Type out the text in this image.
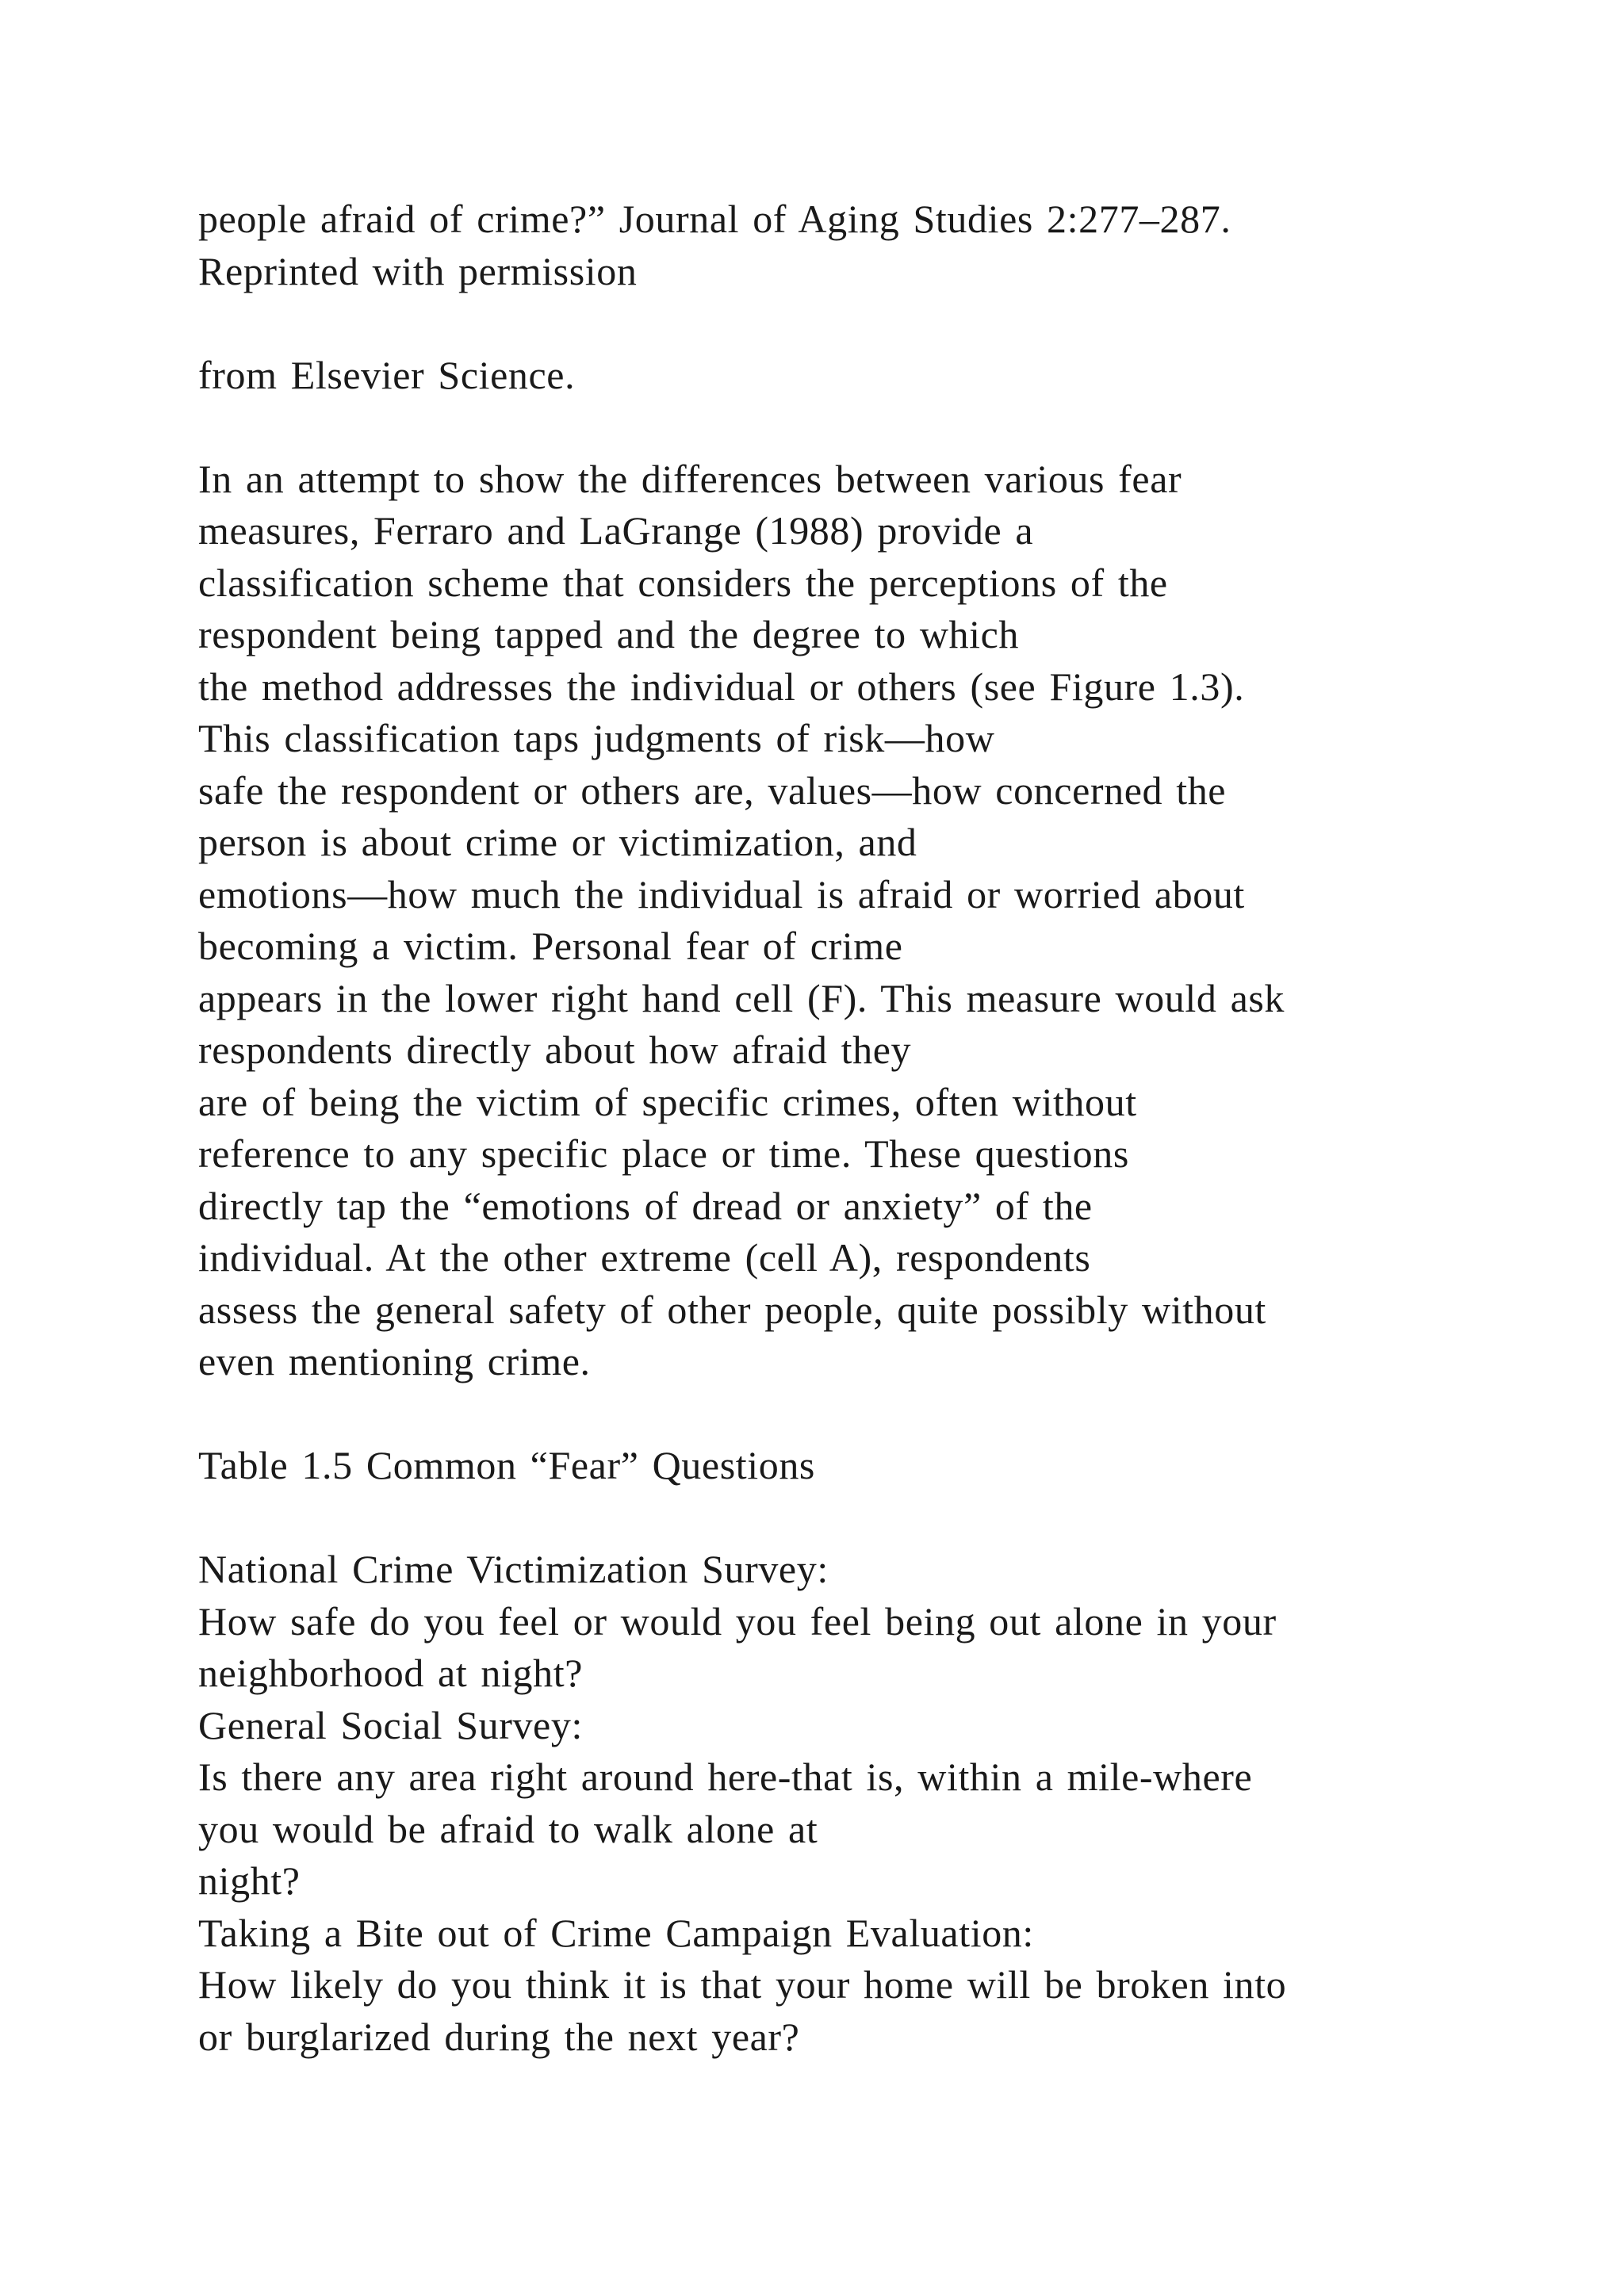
people afraid of crime?” Journal of Aging Studies 2:277–287.
Reprinted with permission
from Elsevier Science.
In an attempt to show the differences between various fear
measures, Ferraro and LaGrange (1988) provide a
classification scheme that considers the perceptions of the
respondent being tapped and the degree to which
the method addresses the individual or others (see Figure 1.3).
This classification taps judgments of risk—how
safe the respondent or others are, values—how concerned the
person is about crime or victimization, and
emotions—how much the individual is afraid or worried about
becoming a victim. Personal fear of crime
appears in the lower right hand cell (F). This measure would ask
respondents directly about how afraid they
are of being the victim of specific crimes, often without
reference to any specific place or time. These questions
directly tap the “emotions of dread or anxiety” of the
individual. At the other extreme (cell A), respondents
assess the general safety of other people, quite possibly without
even mentioning crime.
Table 1.5 Common “Fear” Questions
National Crime Victimization Survey:
How safe do you feel or would you feel being out alone in your
neighborhood at night?
General Social Survey:
Is there any area right around here-that is, within a mile-where
you would be afraid to walk alone at
night?
Taking a Bite out of Crime Campaign Evaluation:
How likely do you think it is that your home will be broken into
or burglarized during the next year?
